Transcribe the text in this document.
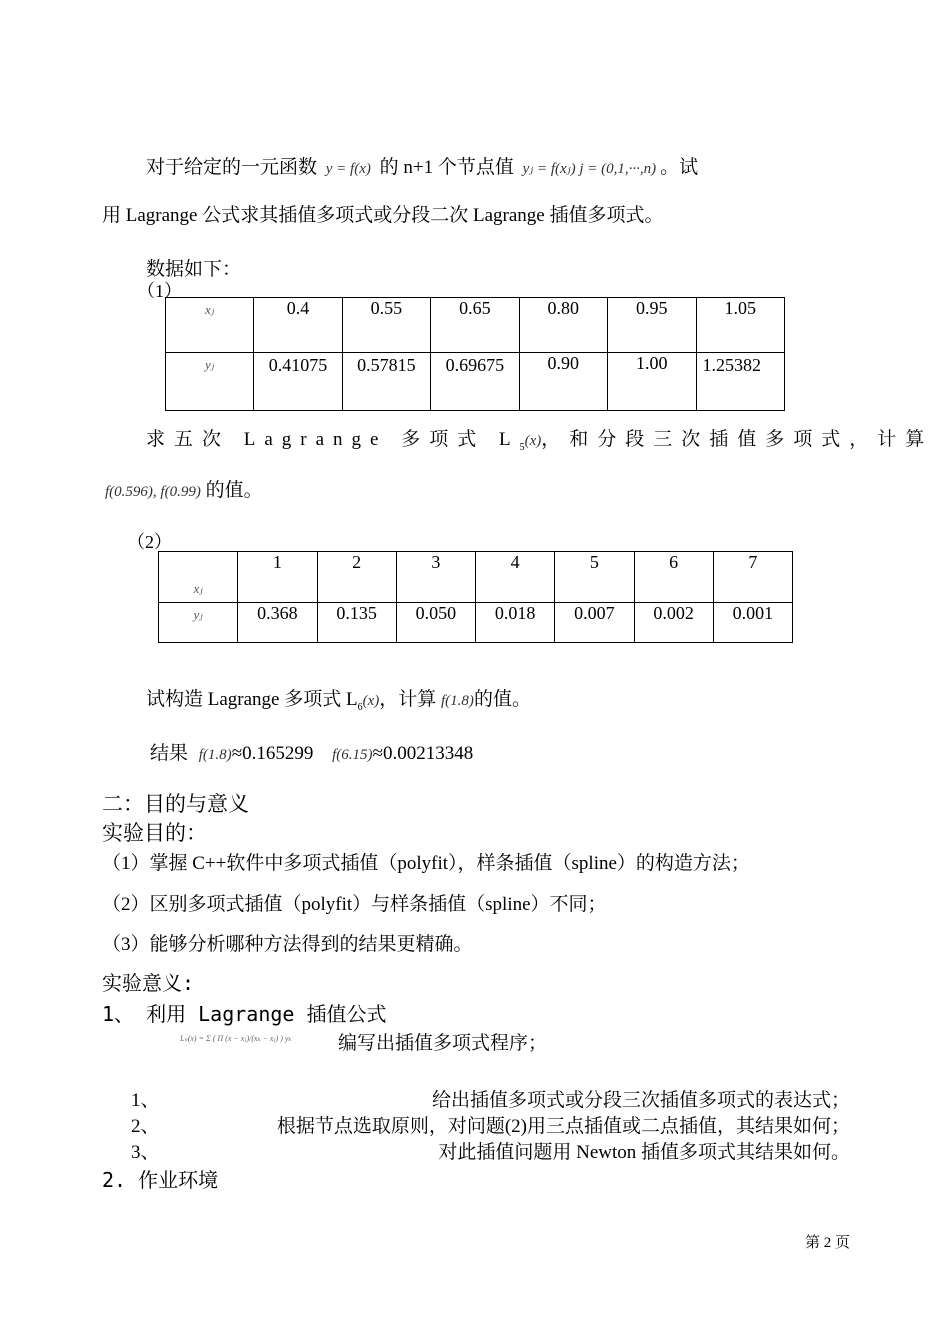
对于给定的一元函数 y = f(x) 的 n+1 个节点值 yⱼ = f(xⱼ) j = (0,1,···,n) 。试
用 Lagrange 公式求其插值多项式或分段二次 Lagrange 插值多项式。
数据如下：
（1）
xⱼ	0.4	0.55	0.65	0.80	0.95	1.05
yⱼ	0.41075	0.57815	0.69675	0.90	1.00	1.25382
求五次 Lagrange 多项式 $L_5(x)$，和分段三次插值多项式，计算
f(0.596), f(0.99) 的值。
（2）
xⱼ	1	2	3	4	5	6	7
yⱼ	0.368	0.135	0.050	0.018	0.007	0.002	0.001
试构造 Lagrange 多项式 $L_6(x)$，计算 f(1.8)的值。
结果 f(1.8)≈0.165299 f(6.15)≈0.00213348
二：目的与意义
实验目的：
（1）掌握 C++软件中多项式插值（polyfit），样条插值（spline）的构造方法；
（2）区别多项式插值（polyfit）与样条插值（spline）不同；
（3）能够分析哪种方法得到的结果更精确。
实验意义:
1、 利用 Lagrange 插值公式
Lₙ(x) = Σ ( Π (x − xⱼ)/(xₖ − xⱼ) ) yₖ 编写出插值多项式程序；
1、	给出插值多项式或分段三次插值多项式的表达式；
2、	根据节点选取原则，对问题(2)用三点插值或二点插值，其结果如何；
3、	对此插值问题用 Newton 插值多项式其结果如何。
2. 作业环境
第 2 页
